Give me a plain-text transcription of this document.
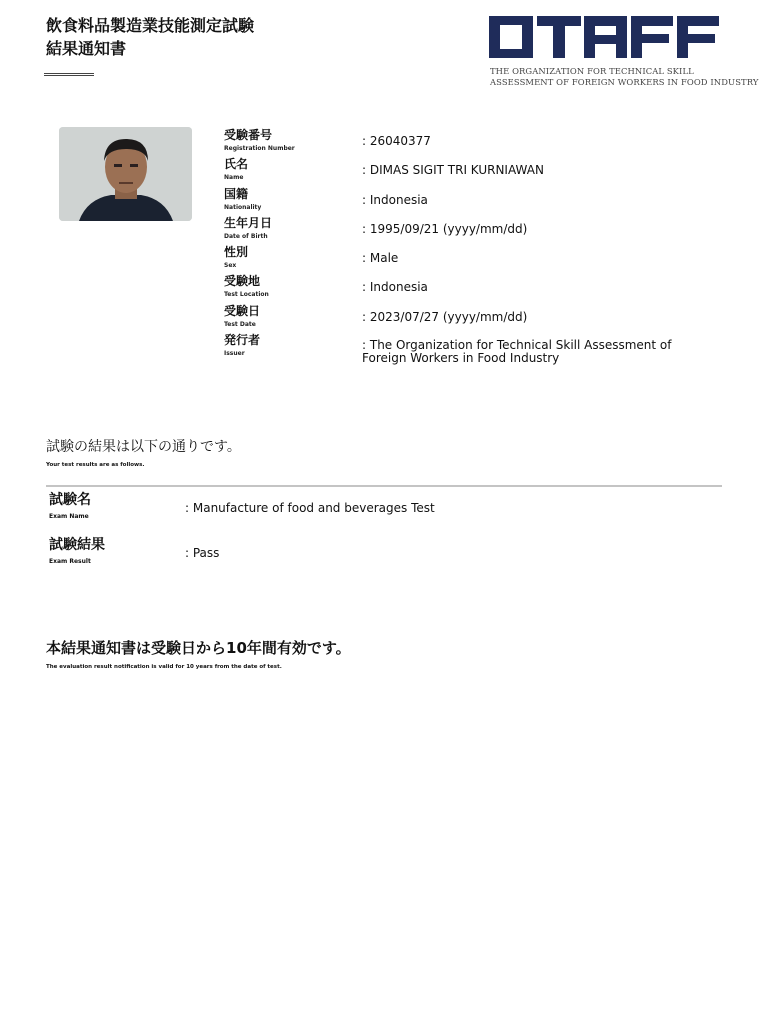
飲食料品製造業技能測定試験
結果通知書
THE ORGANIZATION FOR TECHNICAL SKILL
ASSESSMENT OF FOREIGN WORKERS IN FOOD INDUSTRY
受験番号
Registration Number
: 26040377
氏名
Name
: DIMAS SIGIT TRI KURNIAWAN
国籍
Nationality
: Indonesia
生年月日
Date of Birth
: 1995/09/21 (yyyy/mm/dd)
性別
Sex
: Male
受験地
Test Location
: Indonesia
受験日
Test Date
: 2023/07/27 (yyyy/mm/dd)
発行者
Issuer
: The Organization for Technical Skill Assessment of Foreign Workers in Food Industry
試験の結果は以下の通りです。
Your test results are as follows.
試験名
Exam Name
: Manufacture of food and beverages Test
試験結果
Exam Result
: Pass
本結果通知書は受験日から10年間有効です。
The evaluation result notification is valid for 10 years from the date of test.
